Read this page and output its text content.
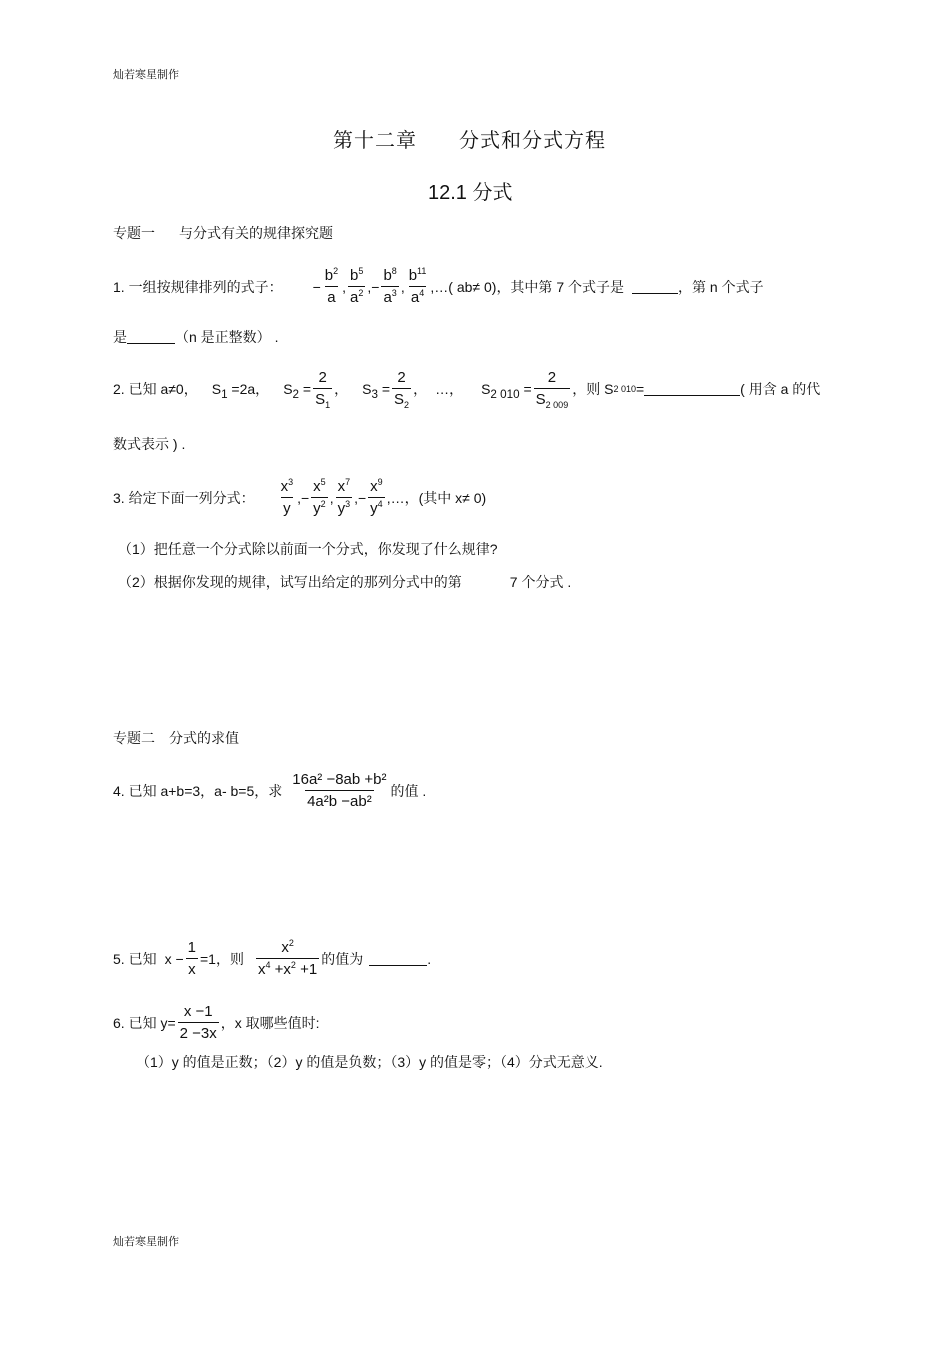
灿若寒星制作
第十二章 分式和分式方程
12.1 分式
专题一 与分式有关的规律探究题
1. 一组按规律排列的式子： − $\frac{b^2}{a}$ , $\frac{b^5}{a^2}$ ,− $\frac{b^8}{a^3}$ , $\frac{b^{11}}{a^4}$ , …( ab≠ 0) ，其中第 7 个式子是	，第 n 个式子
是	（n 是正整数） .
2. 已知 a≠0， $S_1 =2a$， $S_2 = \frac{2}{S_1}$ ， $S_3 = \frac{2}{S_2}$ ， …， $S_{2 010} = \frac{2}{S_{2 009}}$ ，则 S 2 010 =	( 用含 a 的代
数式表示 ) .
3. 给定下面一列分式： $\frac{x^3}{y}$ ,− $\frac{x^5}{y^2}$ , $\frac{x^7}{y^3}$ ,− $\frac{x^9}{y^4}$ , …，(其中 x≠ 0)
（1）把任意一个分式除以前面一个分式，你发现了什么规律?
（2）根据你发现的规律，试写出给定的那列分式中的第	7 个分式 .
专题二 分式的求值
4. 已知 a+b=3，a- b=5，求 $\frac{\text{16a² −8ab +b²}}{\text{4a²b −ab²}}$ 的值 .
5. 已知 $x - \frac{1}{x} =1$，则 $\frac{x^2}{x^4 +x^2 +1}$ 的值为	.
6. 已知 $y= \frac{x -1}{2 -3x}$ ，x 取哪些值时:
（1）y 的值是正数；（2）y 的值是负数；（3）y 的值是零；（4）分式无意义.
灿若寒星制作
